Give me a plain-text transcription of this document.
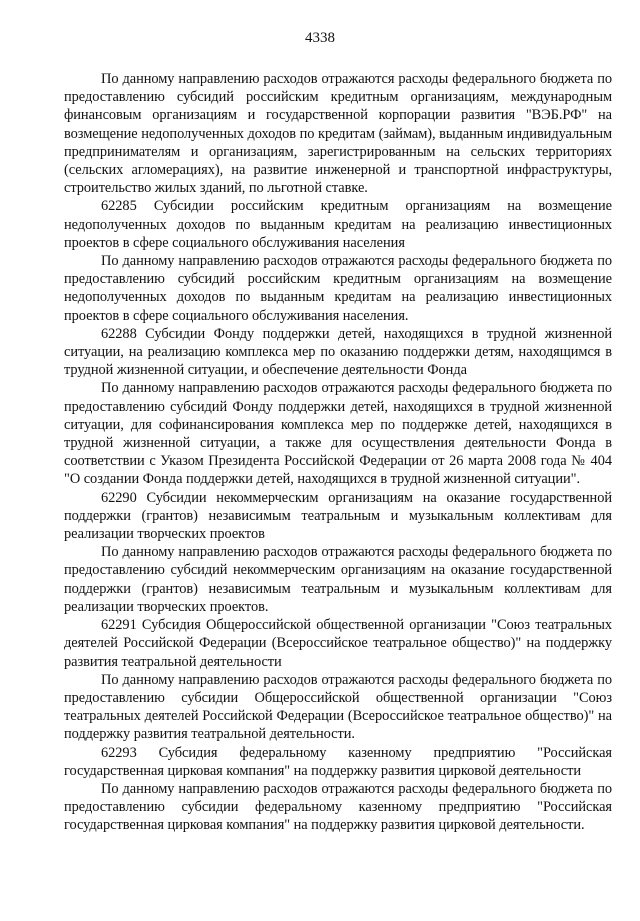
4338

По данному направлению расходов отражаются расходы федерального бюджета по предоставлению субсидий российским кредитным организациям, международным финансовым организациям и государственной корпорации развития "ВЭБ.РФ" на возмещение недополученных доходов по кредитам (займам), выданным индивидуальным предпринимателям и организациям, зарегистрированным на сельских территориях (сельских агломерациях), на развитие инженерной и транспортной инфраструктуры, строительство жилых зданий, по льготной ставке.

62285 Субсидии российским кредитным организациям на возмещение недополученных доходов по выданным кредитам на реализацию инвестиционных проектов в сфере социального обслуживания населения

По данному направлению расходов отражаются расходы федерального бюджета по предоставлению субсидий российским кредитным организациям на возмещение недополученных доходов по выданным кредитам на реализацию инвестиционных проектов в сфере социального обслуживания населения.

62288 Субсидии Фонду поддержки детей, находящихся в трудной жизненной ситуации, на реализацию комплекса мер по оказанию поддержки детям, находящимся в трудной жизненной ситуации, и обеспечение деятельности Фонда

По данному направлению расходов отражаются расходы федерального бюджета по предоставлению субсидий Фонду поддержки детей, находящихся в трудной жизненной ситуации, для софинансирования комплекса мер по поддержке детей, находящихся в трудной жизненной ситуации, а также для осуществления деятельности Фонда в соответствии с Указом Президента Российской Федерации от 26 марта 2008 года № 404 "О создании Фонда поддержки детей, находящихся в трудной жизненной ситуации".

62290 Субсидии некоммерческим организациям на оказание государственной поддержки (грантов) независимым театральным и музыкальным коллективам для реализации творческих проектов

По данному направлению расходов отражаются расходы федерального бюджета по предоставлению субсидий некоммерческим организациям на оказание государственной поддержки (грантов) независимым театральным и музыкальным коллективам для реализации творческих проектов.

62291 Субсидия Общероссийской общественной организации "Союз театральных деятелей Российской Федерации (Всероссийское театральное общество)" на поддержку развития театральной деятельности

По данному направлению расходов отражаются расходы федерального бюджета по предоставлению субсидии Общероссийской общественной организации "Союз театральных деятелей Российской Федерации (Всероссийское театральное общество)" на поддержку развития театральной деятельности.

62293 Субсидия федеральному казенному предприятию "Российская государственная цирковая компания" на поддержку развития цирковой деятельности

По данному направлению расходов отражаются расходы федерального бюджета по предоставлению субсидии федеральному казенному предприятию "Российская государственная цирковая компания" на поддержку развития цирковой деятельности.
